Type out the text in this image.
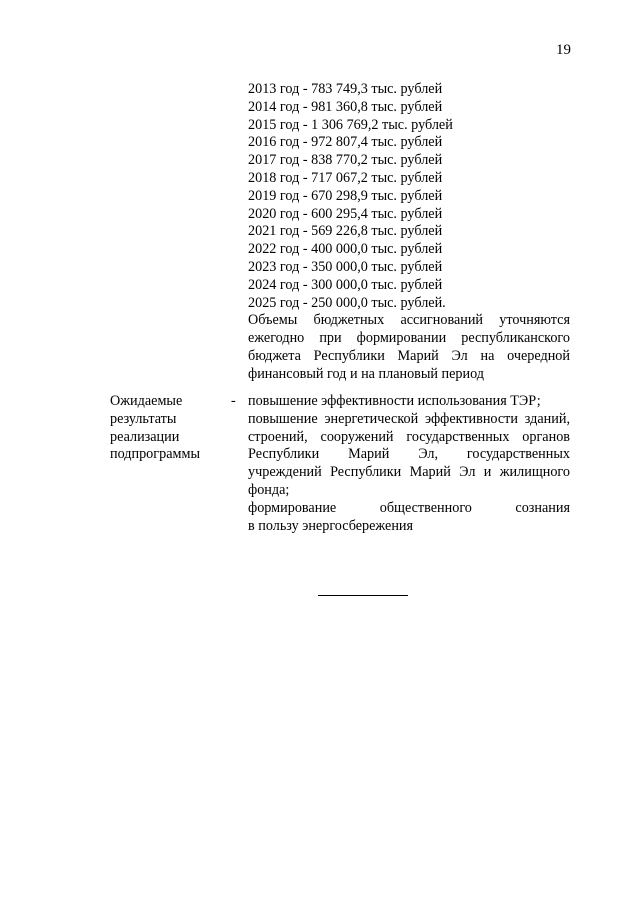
19
2013 год - 783 749,3 тыс. рублей
2014 год - 981 360,8 тыс. рублей
2015 год - 1 306 769,2 тыс. рублей
2016 год - 972 807,4 тыс. рублей
2017 год - 838 770,2 тыс. рублей
2018 год - 717 067,2 тыс. рублей
2019 год - 670 298,9 тыс. рублей
2020 год - 600 295,4 тыс. рублей
2021 год - 569 226,8 тыс. рублей
2022 год - 400 000,0 тыс. рублей
2023 год - 350 000,0 тыс. рублей
2024 год - 300 000,0 тыс. рублей
2025 год - 250 000,0 тыс. рублей.
Объемы бюджетных ассигнований уточняются ежегодно при формировании республиканского бюджета Республики Марий Эл на очередной финансовый год и на плановый период
Ожидаемые
результаты
реализации
подпрограммы
- повышение эффективности использования ТЭР;
повышение энергетической эффективности зданий, строений, сооружений государственных органов Республики Марий Эл, государственных учреждений Республики Марий Эл и жилищного фонда;
формирование общественного сознания
в пользу энергосбережения
